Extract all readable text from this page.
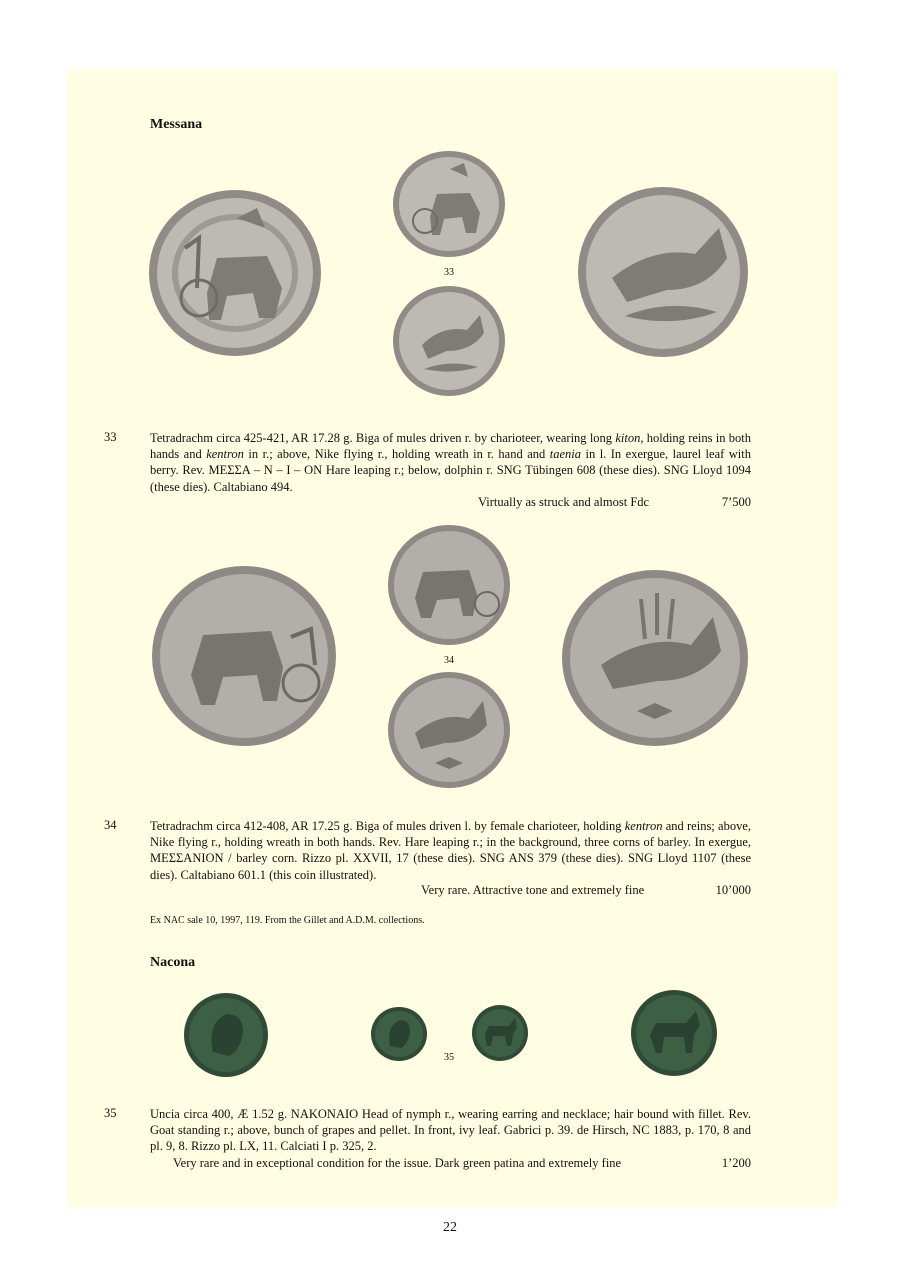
Messana
33
33	Tetradrachm circa 425-421, AR 17.28 g. Biga of mules driven r. by charioteer, wearing long kiton, holding reins in both hands and kentron in r.; above, Nike flying r., holding wreath in r. hand and taenia in l. In exergue, laurel leaf with berry. Rev. ΜΕΣΣΑ – Ν – Ι – ΟΝ Hare leaping r.; below, dolphin r. SNG Tübingen 608 (these dies). SNG Lloyd 1094 (these dies). Caltabiano 494.
Virtually as struck and almost Fdc	7’500
34
34	Tetradrachm circa 412-408, AR 17.25 g. Biga of mules driven l. by female charioteer, holding kentron and reins; above, Nike flying r., holding wreath in both hands. Rev. Hare leaping r.; in the background, three corns of barley. In exergue, ΜΕΣΣΑΝΙΟΝ / barley corn. Rizzo pl. XXVII, 17 (these dies). SNG ANS 379 (these dies). SNG Lloyd 1107 (these dies). Caltabiano 601.1 (this coin illustrated).
Very rare. Attractive tone and extremely fine	10’000
Ex NAC sale 10, 1997, 119. From the Gillet and A.D.M. collections.
Nacona
35
35	Uncia circa 400, Æ 1.52 g. NAKONAIO Head of nymph r., wearing earring and necklace; hair bound with fillet. Rev. Goat standing r.; above, bunch of grapes and pellet. In front, ivy leaf. Gabrici p. 39. de Hirsch, NC 1883, p. 170, 8 and pl. 9, 8. Rizzo pl. LX, 11. Calciati I p. 325, 2.
Very rare and in exceptional condition for the issue. Dark green patina and extremely fine	1’200
22
